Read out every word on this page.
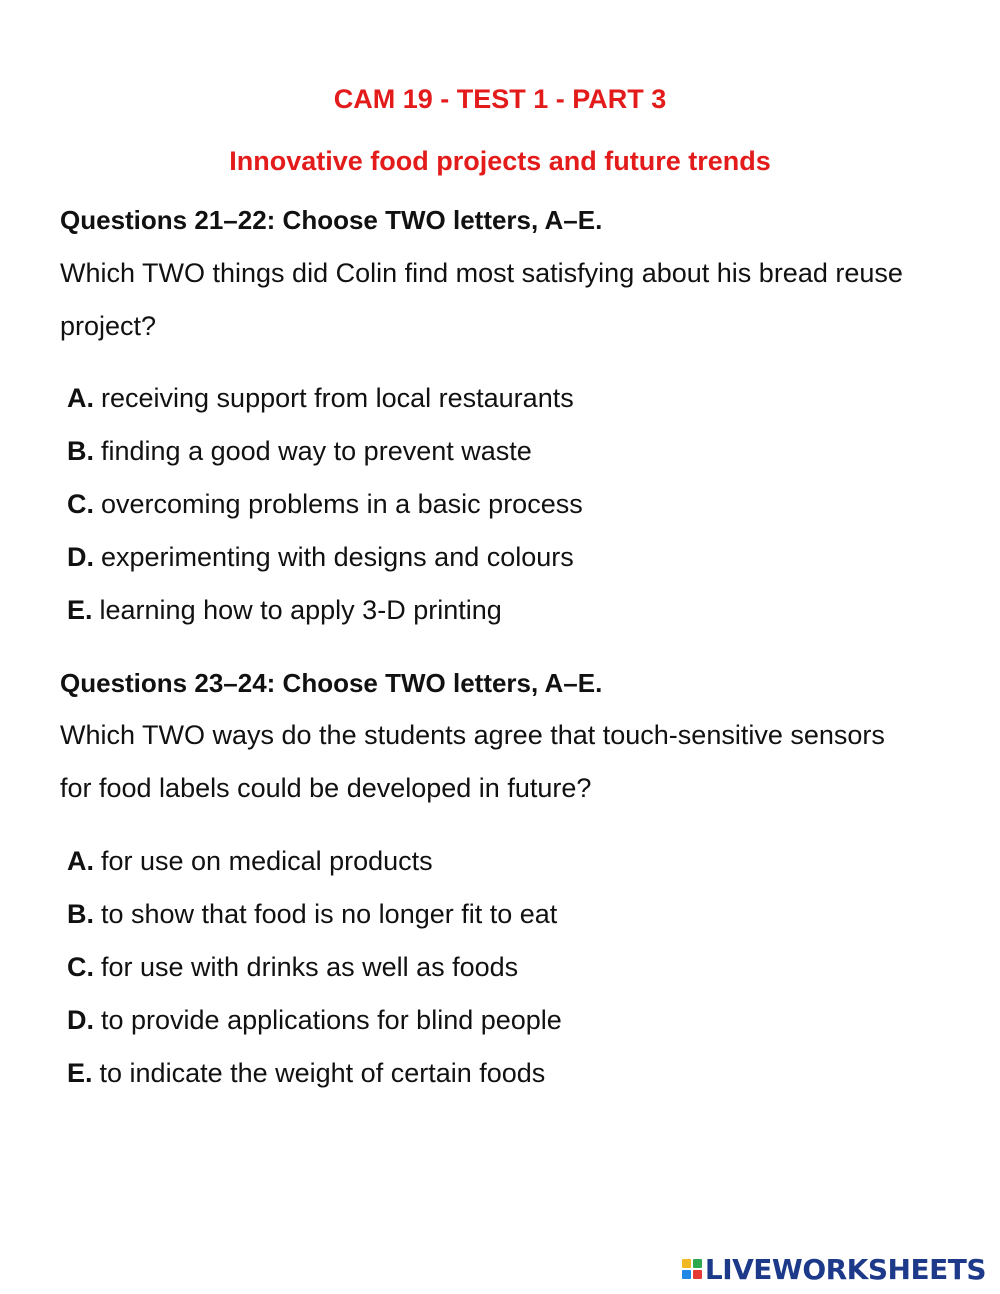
CAM 19 - TEST 1 - PART 3
Innovative food projects and future trends
Questions 21–22: Choose TWO letters, A–E.
Which TWO things did Colin find most satisfying about his bread reuse project?
A. receiving support from local restaurants
B. finding a good way to prevent waste
C. overcoming problems in a basic process
D. experimenting with designs and colours
E. learning how to apply 3-D printing
Questions 23–24: Choose TWO letters, A–E.
Which TWO ways do the students agree that touch-sensitive sensors for food labels could be developed in future?
A. for use on medical products
B. to show that food is no longer fit to eat
C. for use with drinks as well as foods
D. to provide applications for blind people
E. to indicate the weight of certain foods
LIVEWORKSHEETS
